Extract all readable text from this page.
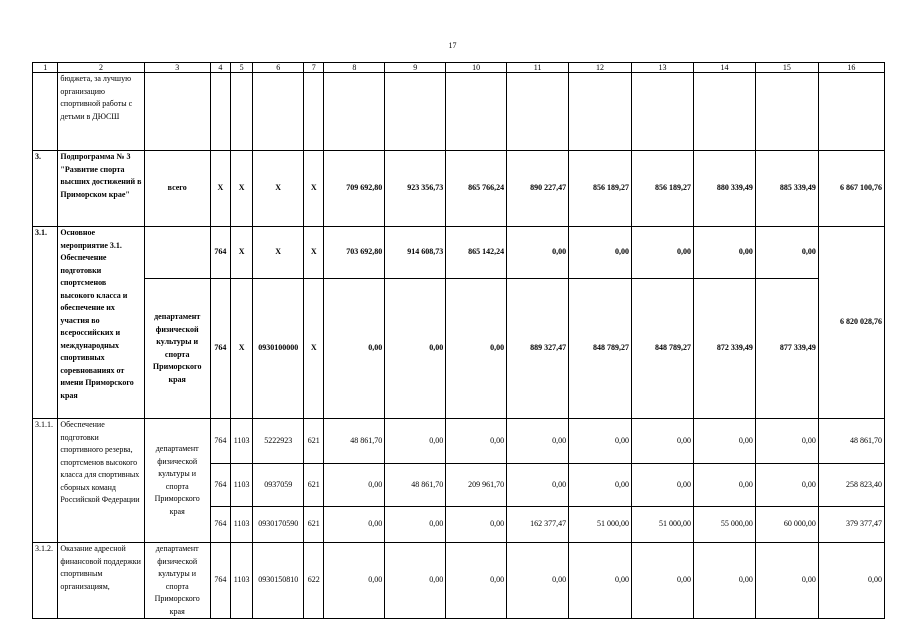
17
1	2	3	4	5	6	7	8	9	10	11	12	13	14	15	16
	бюджета, за лучшую организацию спортивной работы с детьми в ДЮСШ														
3.	Подпрограмма № 3 "Развитие спорта высших достижений в Приморском крае"	всего	X	X	X	X	709 692,80	923 356,73	865 766,24	890 227,47	856 189,27	856 189,27	880 339,49	885 339,49	6 867 100,76
3.1.	Основное мероприятие 3.1. Обеспечение подготовки спортсменов высокого класса и обеспечение их участия во всероссийских и международных спортивных соревнованиях от имени Приморского края		764	X	X	X	703 692,80	914 608,73	865 142,24	0,00	0,00	0,00	0,00	0,00	6 820 028,76
		департамент физической культуры и спорта Приморского края	764	X	0930100000	X	0,00	0,00	0,00	889 327,47	848 789,27	848 789,27	872 339,49	877 339,49	
3.1.1.	Обеспечение подготовки спортивного резерва, спортсменов высокого класса для спортивных сборных команд Российской Федерации	департамент физической культуры и спорта Приморского края	764	1103	5222923	621	48 861,70	0,00	0,00	0,00	0,00	0,00	0,00	0,00	48 861,70
			764	1103	0937059	621	0,00	48 861,70	209 961,70	0,00	0,00	0,00	0,00	0,00	258 823,40
			764	1103	0930170590	621	0,00	0,00	0,00	162 377,47	51 000,00	51 000,00	55 000,00	60 000,00	379 377,47
3.1.2.	Оказание адресной финансовой поддержки спортивным организациям,	департамент физической культуры и спорта Приморского края	764	1103	0930150810	622	0,00	0,00	0,00	0,00	0,00	0,00	0,00	0,00	0,00
